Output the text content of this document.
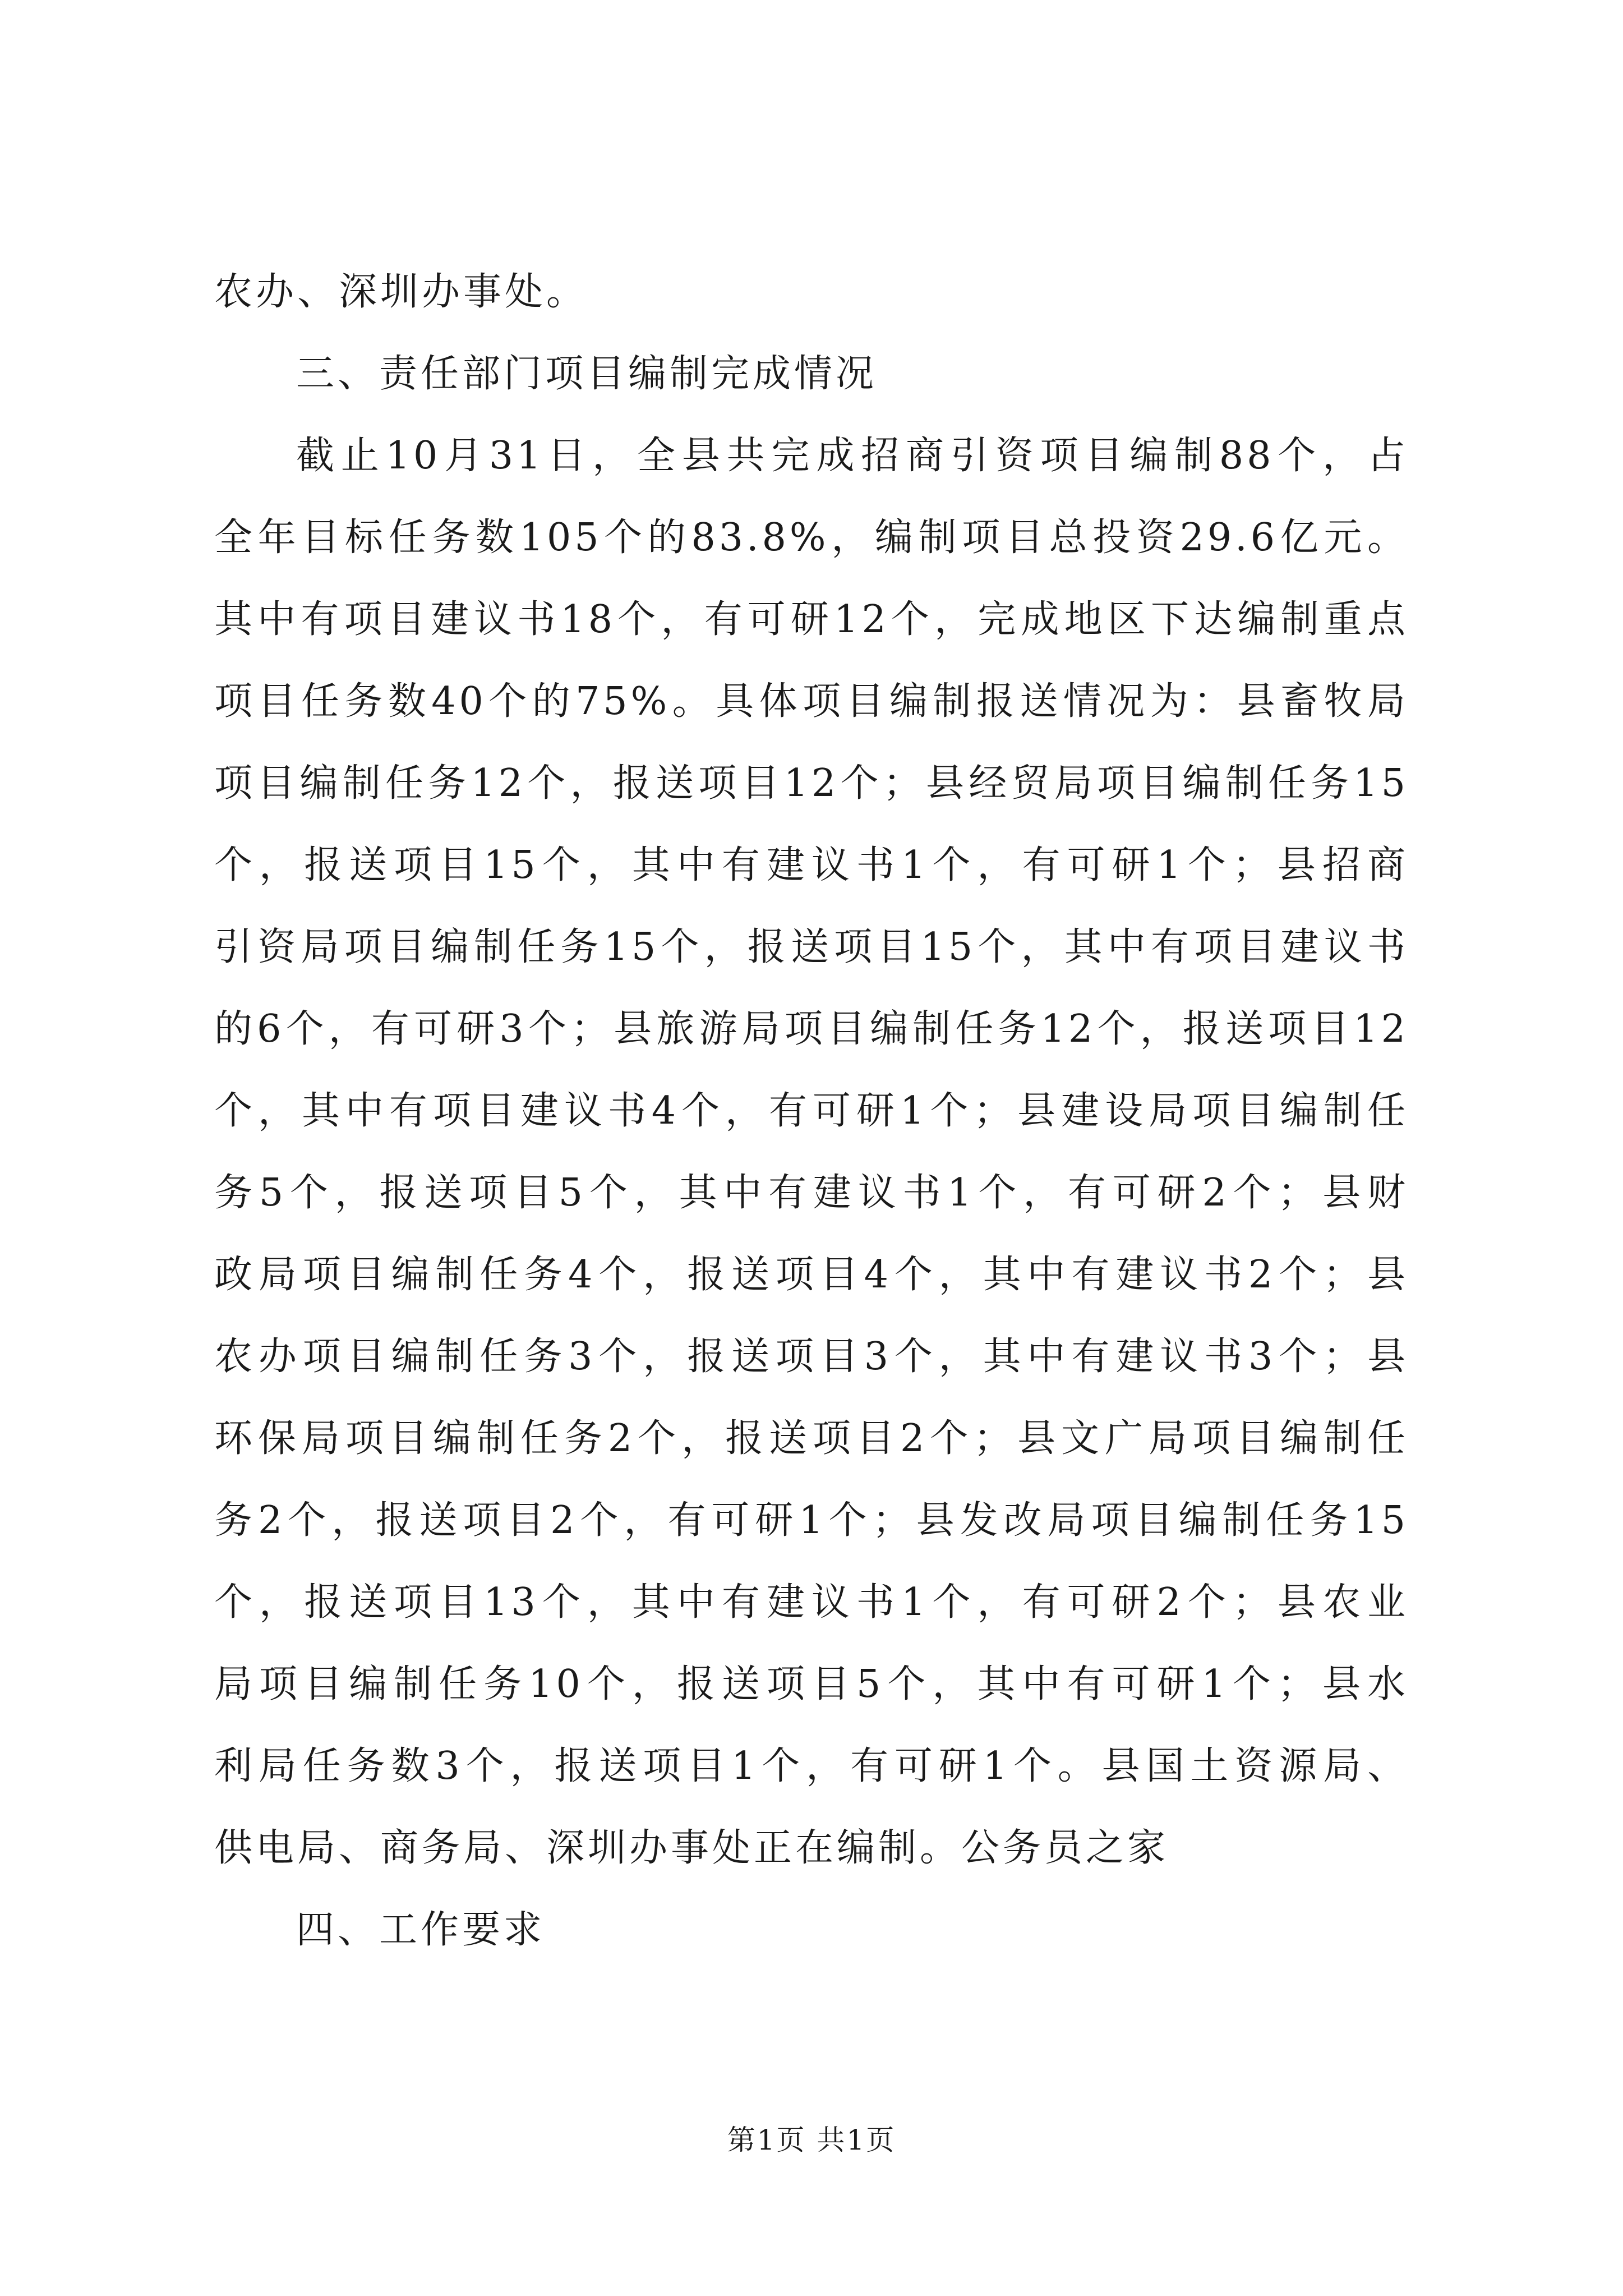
农办、深圳办事处。
三、责任部门项目编制完成情况
截止10月31日，全县共完成招商引资项目编制88个，占
全年目标任务数105个的83.8%，编制项目总投资29.6亿元。
其中有项目建议书18个，有可研12个，完成地区下达编制重点
项目任务数40个的75%。具体项目编制报送情况为：县畜牧局
项目编制任务12个，报送项目12个；县经贸局项目编制任务15
个，报送项目15个，其中有建议书1个，有可研1个；县招商
引资局项目编制任务15个，报送项目15个，其中有项目建议书
的6个，有可研3个；县旅游局项目编制任务12个，报送项目12
个，其中有项目建议书4个，有可研1个；县建设局项目编制任
务5个，报送项目5个，其中有建议书1个，有可研2个；县财
政局项目编制任务4个，报送项目4个，其中有建议书2个；县
农办项目编制任务3个，报送项目3个，其中有建议书3个；县
环保局项目编制任务2个，报送项目2个；县文广局项目编制任
务2个，报送项目2个，有可研1个；县发改局项目编制任务15
个，报送项目13个，其中有建议书1个，有可研2个；县农业
局项目编制任务10个，报送项目5个，其中有可研1个；县水
利局任务数3个，报送项目1个，有可研1个。县国土资源局、
供电局、商务局、深圳办事处正在编制。公务员之家
四、工作要求
第1页 共1页
